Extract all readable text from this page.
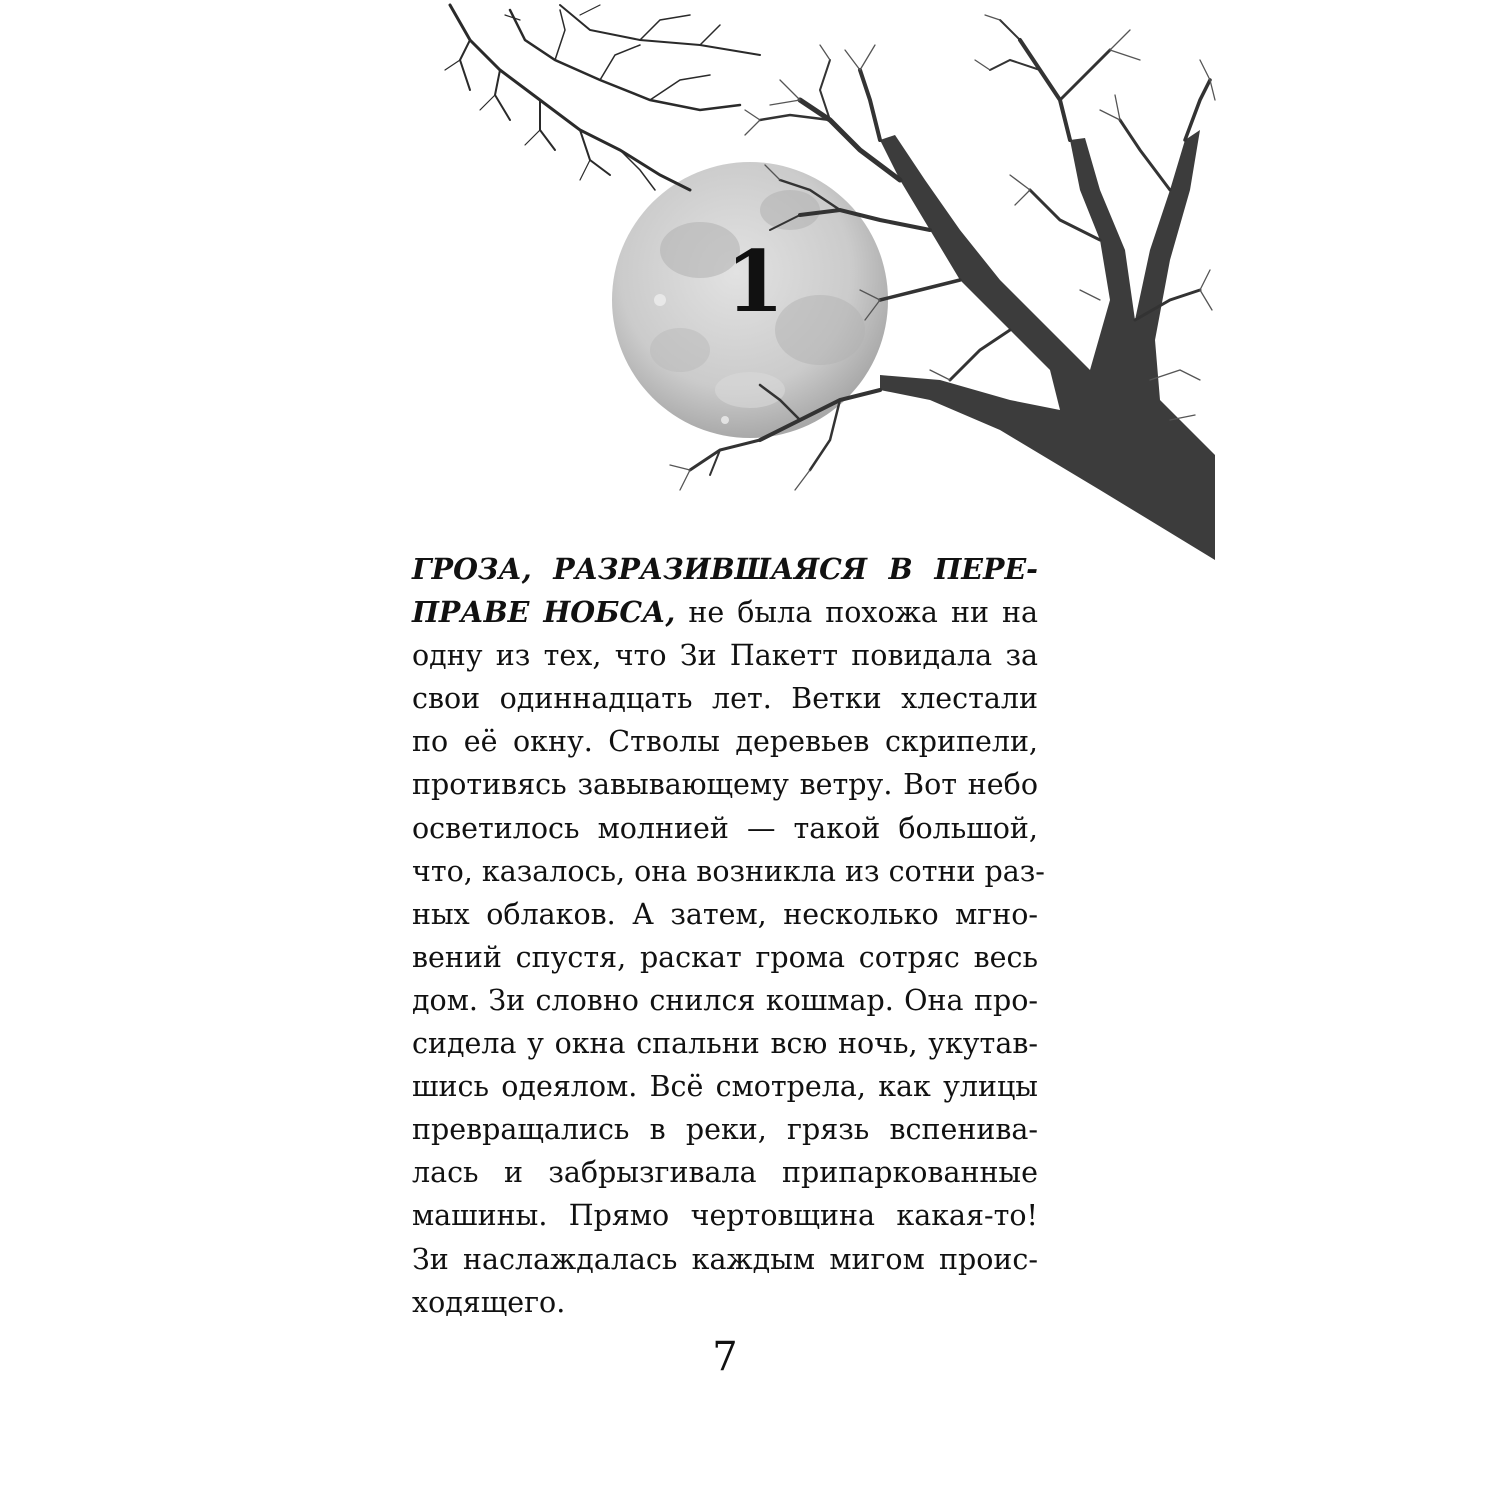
1
ГРОЗА, РАЗРАЗИВШАЯСЯ В ПЕРЕ-
ПРАВЕ НОБСА, не была похожа ни на
одну из тех, что Зи Пакетт повидала за
свои одиннадцать лет. Ветки хлестали
по её окну. Стволы деревьев скрипели,
противясь завывающему ветру. Вот небо
осветилось молнией — такой большой,
что, казалось, она возникла из сотни раз-
ных облаков. А затем, несколько мгно-
вений спустя, раскат грома сотряс весь
дом. Зи словно снился кошмар. Она про-
сидела у окна спальни всю ночь, укутав-
шись одеялом. Всё смотрела, как улицы
превращались в реки, грязь вспенива-
лась и забрызгивала припаркованные
машины. Прямо чертовщина какая-то!
Зи наслаждалась каждым мигом проис-
ходящего.
7
